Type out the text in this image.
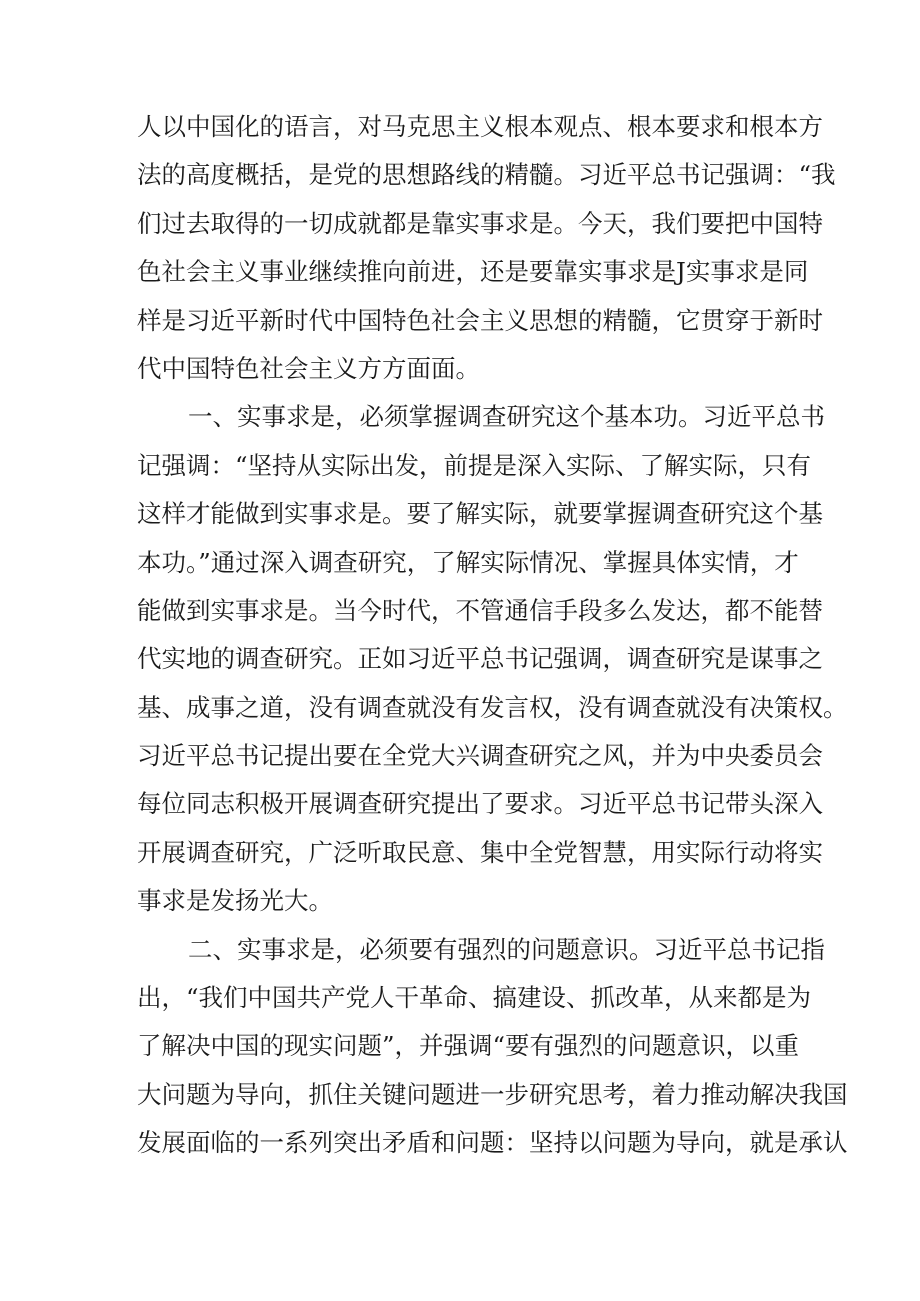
人以中国化的语言，对马克思主义根本观点、根本要求和根本方
法的高度概括，是党的思想路线的精髓。习近平总书记强调：“我
们过去取得的一切成就都是靠实事求是。今天，我们要把中国特
色社会主义事业继续推向前进，还是要靠实事求是J实事求是同
样是习近平新时代中国特色社会主义思想的精髓，它贯穿于新时
代中国特色社会主义方方面面。
一、实事求是，必须掌握调查研究这个基本功。习近平总书
记强调：“坚持从实际出发，前提是深入实际、了解实际，只有
这样才能做到实事求是。要了解实际，就要掌握调查研究这个基
本功。”通过深入调查研究，了解实际情况、掌握具体实情，才
能做到实事求是。当今时代，不管通信手段多么发达，都不能替
代实地的调查研究。正如习近平总书记强调，调查研究是谋事之
基、成事之道，没有调查就没有发言权，没有调查就没有决策权。
习近平总书记提出要在全党大兴调查研究之风，并为中央委员会
每位同志积极开展调查研究提出了要求。习近平总书记带头深入
开展调查研究，广泛听取民意、集中全党智慧，用实际行动将实
事求是发扬光大。
二、实事求是，必须要有强烈的问题意识。习近平总书记指
出，“我们中国共产党人干革命、搞建设、抓改革，从来都是为
了解决中国的现实问题”，并强调“要有强烈的问题意识，以重
大问题为导向，抓住关键问题进一步研究思考，着力推动解决我国
发展面临的一系列突出矛盾和问题：坚持以问题为导向，就是承认
